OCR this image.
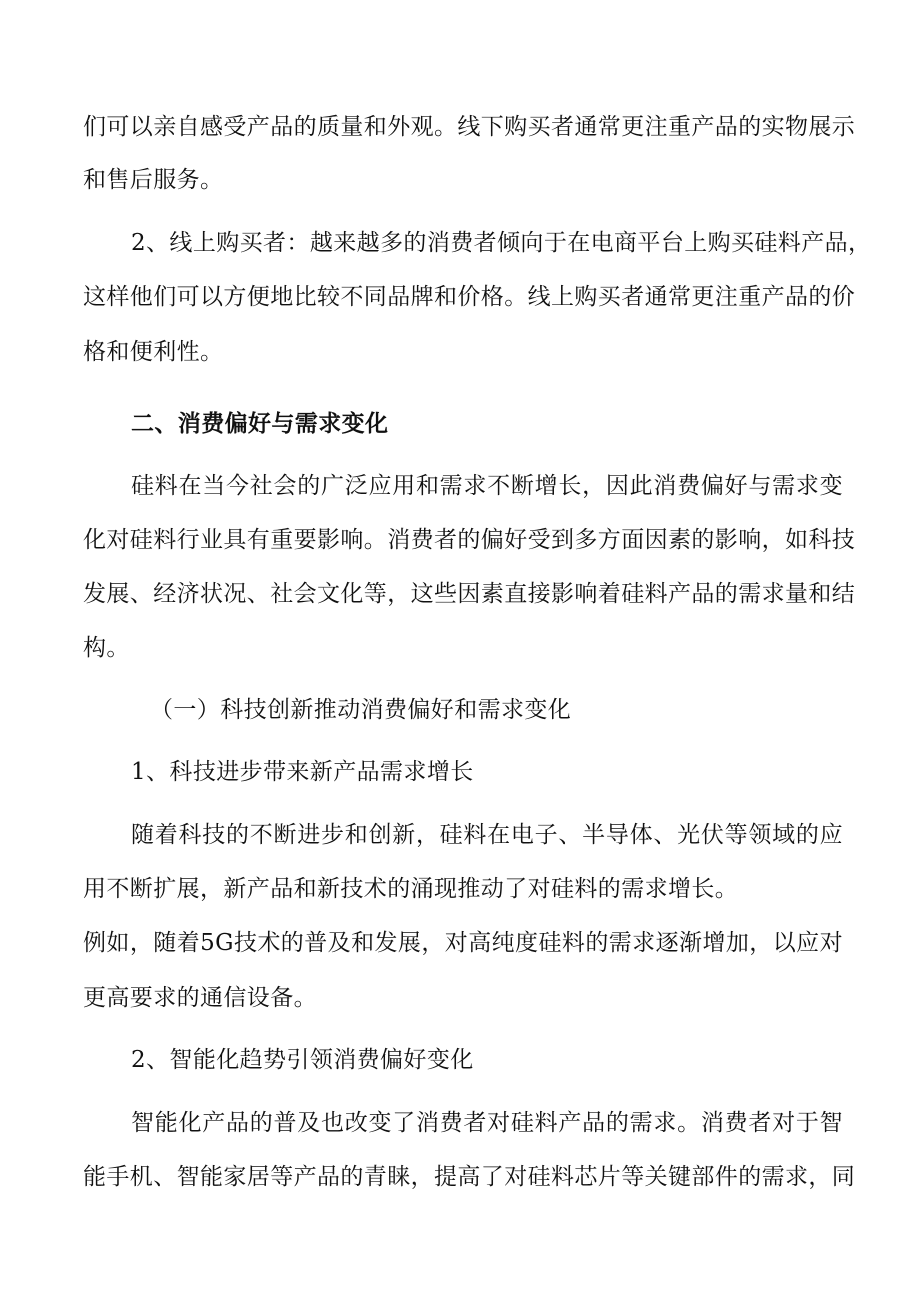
们可以亲自感受产品的质量和外观。线下购买者通常更注重产品的实物展示
和售后服务。
2、线上购买者：越来越多的消费者倾向于在电商平台上购买硅料产品，
这样他们可以方便地比较不同品牌和价格。线上购买者通常更注重产品的价
格和便利性。
二、消费偏好与需求变化
硅料在当今社会的广泛应用和需求不断增长，因此消费偏好与需求变
化对硅料行业具有重要影响。消费者的偏好受到多方面因素的影响，如科技
发展、经济状况、社会文化等，这些因素直接影响着硅料产品的需求量和结
构。
（一）科技创新推动消费偏好和需求变化
1、科技进步带来新产品需求增长
随着科技的不断进步和创新，硅料在电子、半导体、光伏等领域的应
用不断扩展，新产品和新技术的涌现推动了对硅料的需求增长。
例如，随着5G技术的普及和发展，对高纯度硅料的需求逐渐增加，以应对
更高要求的通信设备。
2、智能化趋势引领消费偏好变化
智能化产品的普及也改变了消费者对硅料产品的需求。消费者对于智
能手机、智能家居等产品的青睐，提高了对硅料芯片等关键部件的需求，同
